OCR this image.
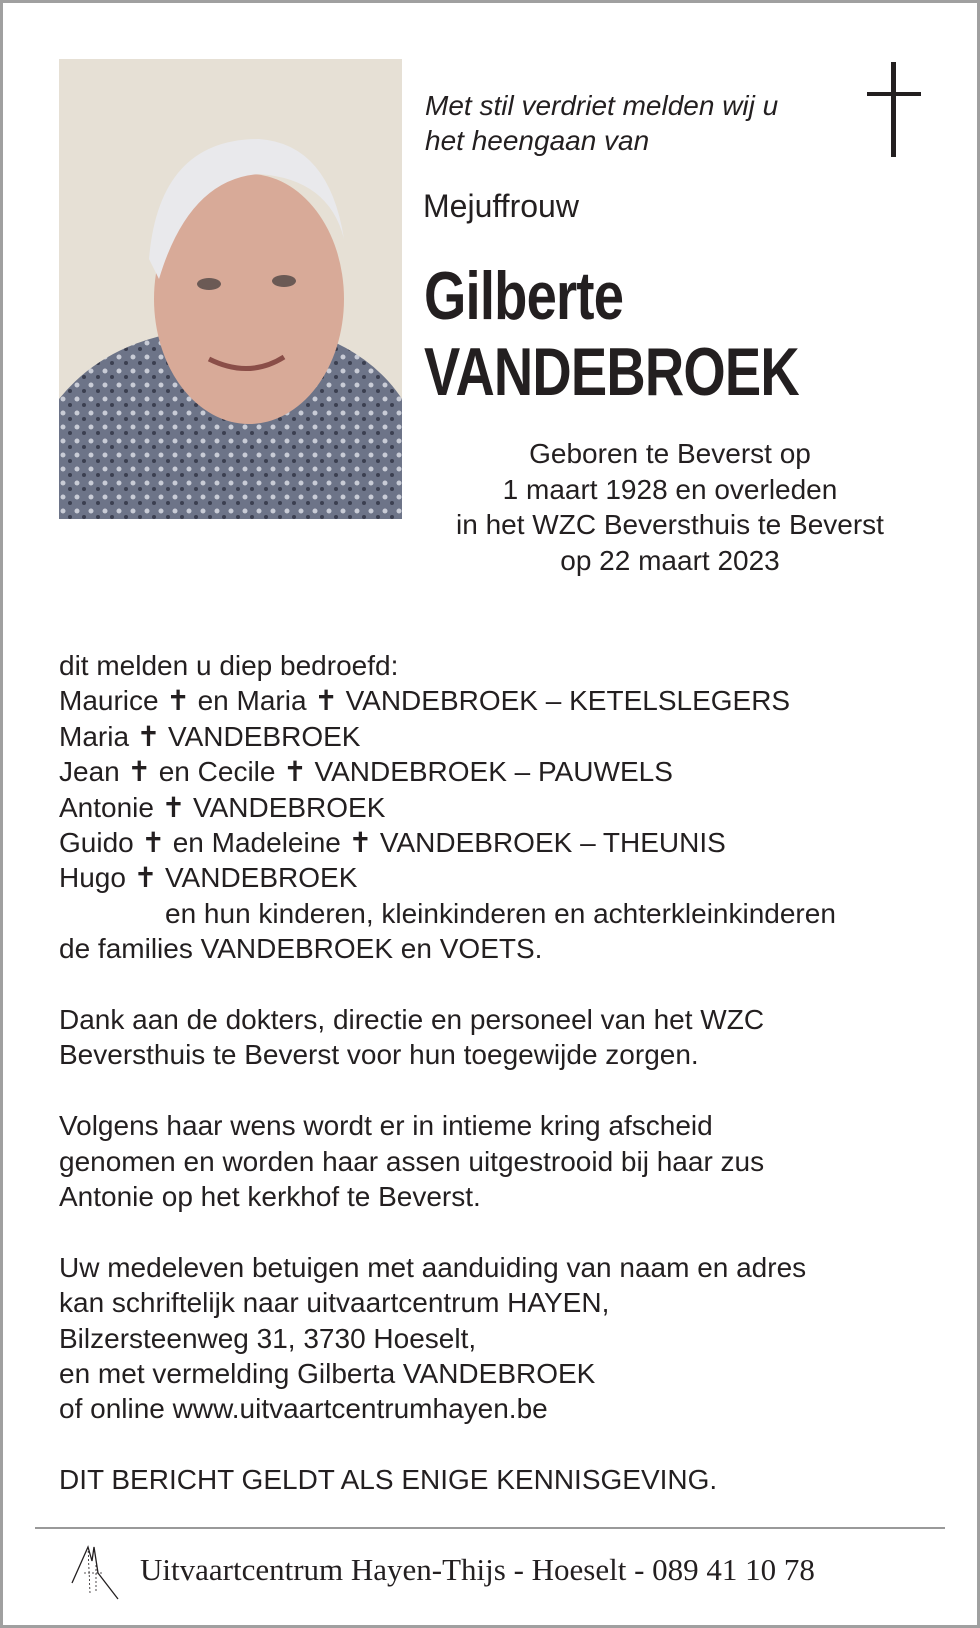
Met stil verdriet melden wij u
het heengaan van
Mejuffrouw
Gilberte
VANDEBROEK
Geboren te Beverst op
1 maart 1928 en overleden
in het WZC Beversthuis te Beverst
op 22 maart 2023
dit melden u diep bedroefd:
Maurice ✝ en Maria ✝ VANDEBROEK – KETELSLEGERS
Maria ✝ VANDEBROEK
Jean ✝ en Cecile ✝ VANDEBROEK – PAUWELS
Antonie ✝ VANDEBROEK
Guido ✝ en Madeleine ✝ VANDEBROEK – THEUNIS
Hugo ✝ VANDEBROEK
en hun kinderen, kleinkinderen en achterkleinkinderen
de families VANDEBROEK en VOETS.
Dank aan de dokters, directie en personeel van het WZC
Beversthuis te Beverst voor hun toegewijde zorgen.
Volgens haar wens wordt er in intieme kring afscheid
genomen en worden haar assen uitgestrooid bij haar zus
Antonie op het kerkhof te Beverst.
Uw medeleven betuigen met aanduiding van naam en adres
kan schriftelijk naar uitvaartcentrum HAYEN,
Bilzersteenweg 31, 3730 Hoeselt,
en met vermelding Gilberta VANDEBROEK
of online www.uitvaartcentrumhayen.be
DIT BERICHT GELDT ALS ENIGE KENNISGEVING.
Uitvaartcentrum Hayen-Thijs - Hoeselt - 089 41 10 78
